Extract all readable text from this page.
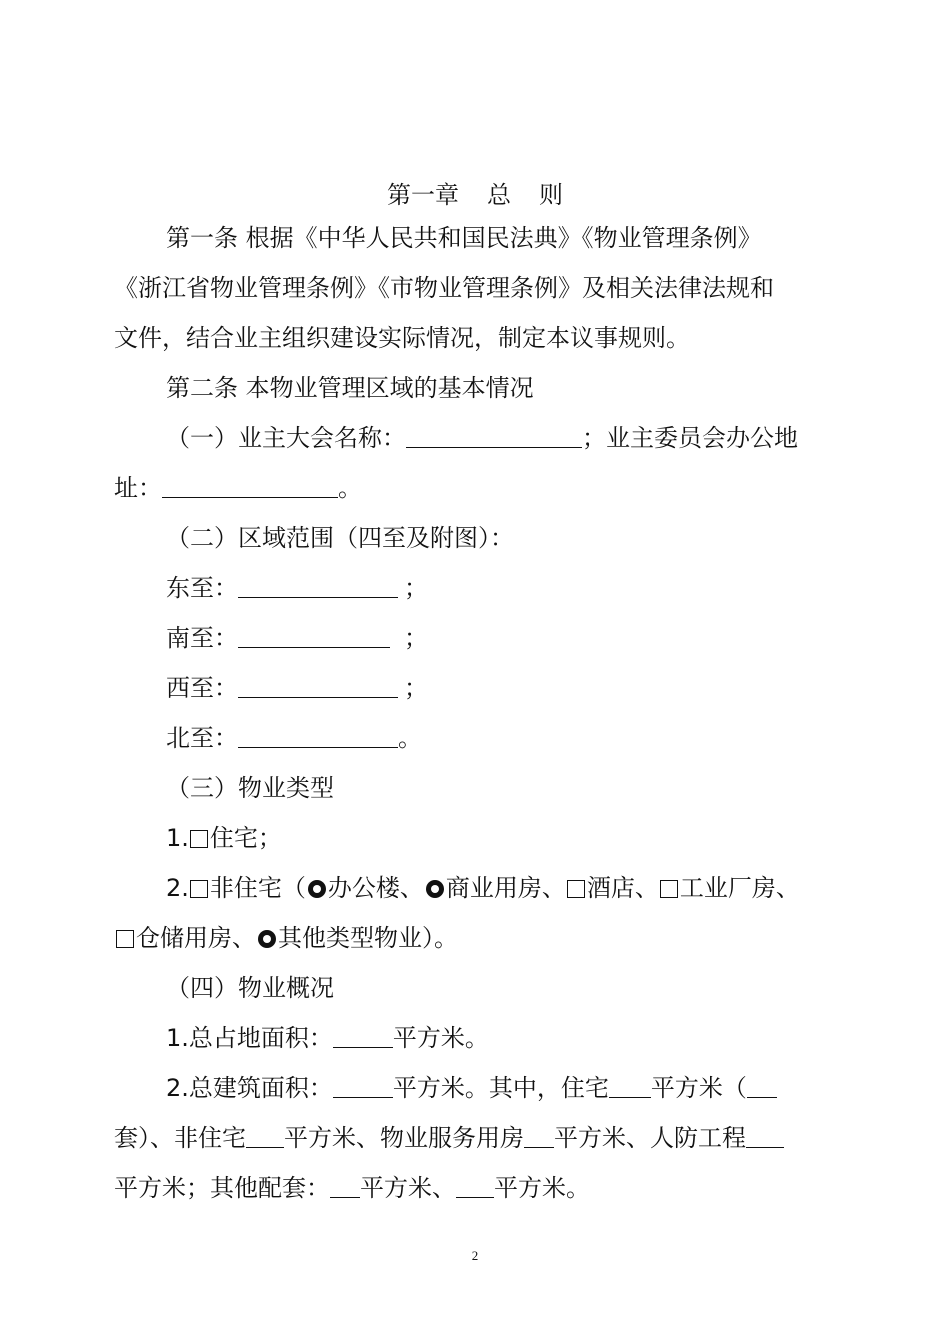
第一章 总 则
第一条 根据《中华人民共和国民法典》《物业管理条例》
《浙江省物业管理条例》《市物业管理条例》及相关法律法规和
文件，结合业主组织建设实际情况，制定本议事规则。
第二条 本物业管理区域的基本情况
（一）业主大会名称：	；业主委员会办公地
址：	。
（二）区域范围（四至及附图）：
东至：	；
南至：	；
西至：	；
北至：	。
（三）物业类型
1. 住宅；
2. 非住宅（ 办公楼、 商业用房、 酒店、 工业厂房、
仓储用房、 其他类型物业）。
（四）物业概况
1.总占地面积：	平方米。
2.总建筑面积：	平方米。其中，住宅 平方米（
套）、非住宅 平方米、物业服务用房 平方米、人防工程
平方米；其他配套： 平方米、 平方米。
2
